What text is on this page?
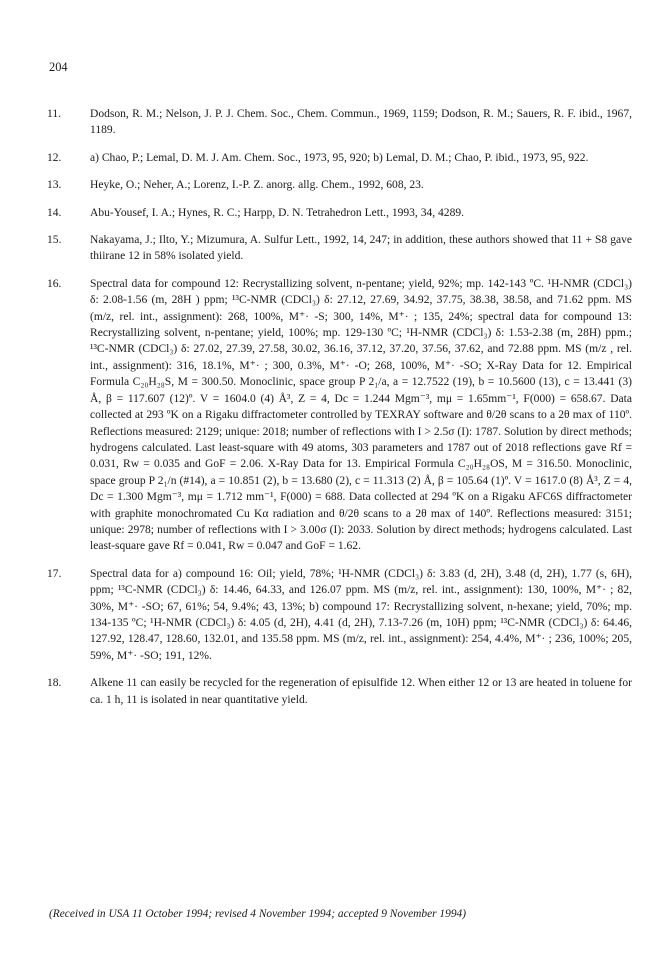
204
11.	Dodson, R. M.; Nelson, J. P. J. Chem. Soc., Chem. Commun., 1969, 1159; Dodson, R. M.; Sauers, R. F. ibid., 1967, 1189.
12.	a) Chao, P.; Lemal, D. M. J. Am. Chem. Soc., 1973, 95, 920; b) Lemal, D. M.; Chao, P. ibid., 1973, 95, 922.
13.	Heyke, O.; Neher, A.; Lorenz, I.-P. Z. anorg. allg. Chem., 1992, 608, 23.
14.	Abu-Yousef, I. A.; Hynes, R. C.; Harpp, D. N. Tetrahedron Lett., 1993, 34, 4289.
15.	Nakayama, J.; Ilto, Y.; Mizumura, A. Sulfur Lett., 1992, 14, 247; in addition, these authors showed that 11 + S8 gave thiirane 12 in 58% isolated yield.
16.	Spectral data for compound 12: Recrystallizing solvent, n-pentane; yield, 92%; mp. 142-143 ºC. ¹H-NMR (CDCl₃) δ: 2.08-1.56 (m, 28H ) ppm; ¹³C-NMR (CDCl₃) δ: 27.12, 27.69, 34.92, 37.75, 38.38, 38.58, and 71.62 ppm. MS (m/z, rel. int., assignment): 268, 100%, M⁺· -S; 300, 14%, M⁺· ; 135, 24%; spectral data for compound 13: Recrystallizing solvent, n-pentane; yield, 100%; mp. 129-130 ºC; ¹H-NMR (CDCl₃) δ: 1.53-2.38 (m, 28H) ppm.; ¹³C-NMR (CDCl₃) δ: 27.02, 27.39, 27.58, 30.02, 36.16, 37.12, 37.20, 37.56, 37.62, and 72.88 ppm. MS (m/z , rel. int., assignment): 316, 18.1%, M⁺· ; 300, 0.3%, M⁺· -O; 268, 100%, M⁺· -SO; X-Ray Data for 12. Empirical Formula C₂₀H₂₈S, M = 300.50. Monoclinic, space group P 2₁/a, a = 12.7522 (19), b = 10.5600 (13), c = 13.441 (3) Å, β = 117.607 (12)º. V = 1604.0 (4) Å³, Z = 4, Dc = 1.244 Mgm⁻³, mμ = 1.65mm⁻¹, F(000) = 658.67. Data collected at 293 ºK on a Rigaku diffractometer controlled by TEXRAY software and θ/2θ scans to a 2θ max of 110º. Reflections measured: 2129; unique: 2018; number of reflections with I > 2.5σ (I): 1787. Solution by direct methods; hydrogens calculated. Last least-square with 49 atoms, 303 parameters and 1787 out of 2018 reflections gave Rf = 0.031, Rw = 0.035 and GoF = 2.06. X-Ray Data for 13. Empirical Formula C₂₀H₂₈OS, M = 316.50. Monoclinic, space group P 2₁/n (#14), a = 10.851 (2), b = 13.680 (2), c = 11.313 (2) Å, β = 105.64 (1)º. V = 1617.0 (8) Å³, Z = 4, Dc = 1.300 Mgm⁻³, mμ = 1.712 mm⁻¹, F(000) = 688. Data collected at 294 ºK on a Rigaku AFC6S diffractometer with graphite monochromated Cu Kα radiation and θ/2θ scans to a 2θ max of 140º. Reflections measured: 3151; unique: 2978; number of reflections with I > 3.00σ (I): 2033. Solution by direct methods; hydrogens calculated. Last least-square gave Rf = 0.041, Rw = 0.047 and GoF = 1.62.
17.	Spectral data for a) compound 16: Oil; yield, 78%; ¹H-NMR (CDCl₃) δ: 3.83 (d, 2H), 3.48 (d, 2H), 1.77 (s, 6H), ppm; ¹³C-NMR (CDCl₃) δ: 14.46, 64.33, and 126.07 ppm. MS (m/z, rel. int., assignment): 130, 100%, M⁺· ; 82, 30%, M⁺· -SO; 67, 61%; 54, 9.4%; 43, 13%; b) compound 17: Recrystallizing solvent, n-hexane; yield, 70%; mp. 134-135 ºC; ¹H-NMR (CDCl₃) δ: 4.05 (d, 2H), 4.41 (d, 2H), 7.13-7.26 (m, 10H) ppm; ¹³C-NMR (CDCl₃) δ: 64.46, 127.92, 128.47, 128.60, 132.01, and 135.58 ppm. MS (m/z, rel. int., assignment): 254, 4.4%, M⁺· ; 236, 100%; 205, 59%, M⁺· -SO; 191, 12%.
18.	Alkene 11 can easily be recycled for the regeneration of episulfide 12. When either 12 or 13 are heated in toluene for ca. 1 h, 11 is isolated in near quantitative yield.
(Received in USA 11 October 1994; revised 4 November 1994; accepted 9 November 1994)
